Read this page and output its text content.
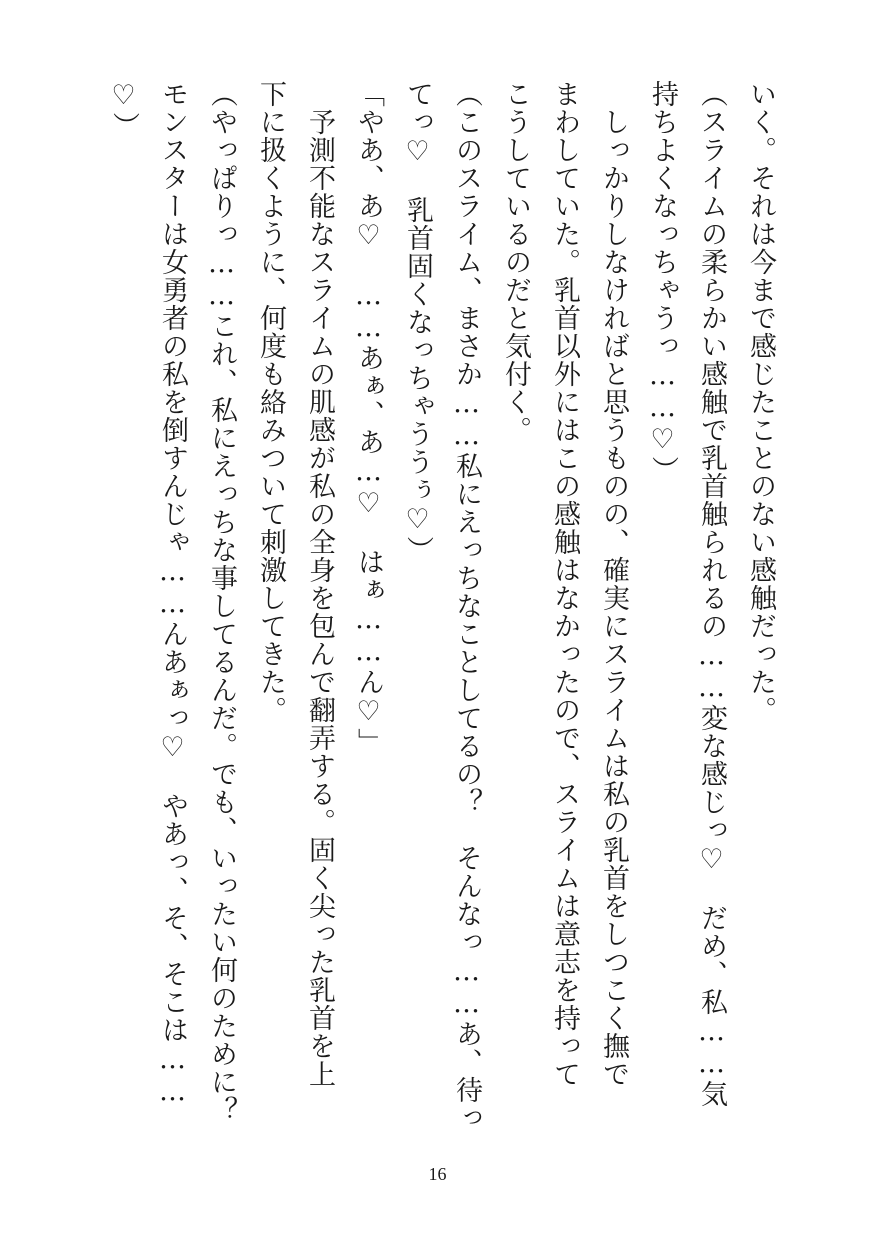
いく。それは今まで感じたことのない感触だった。
（スライムの柔らかい感触で乳首触られるの……変な感じっ♡　だめ、私……気
持ちよくなっちゃうっ……♡）
　しっかりしなければと思うものの、確実にスライムは私の乳首をしつこく撫で
まわしていた。乳首以外にはこの感触はなかったので、スライムは意志を持って
こうしているのだと気付く。
（このスライム、まさか……私にえっちなことしてるの？　そんなっ……あ、待っ
てっ♡　乳首固くなっちゃううぅ♡）
「やあ、あ♡　……あぁ、あ…♡　はぁ……ん♡」
　予測不能なスライムの肌感が私の全身を包んで翻弄する。固く尖った乳首を上
下に扱くように、何度も絡みついて刺激してきた。
（やっぱりっ……これ、私にえっちな事してるんだ。でも、いったい何のために？
モンスターは女勇者の私を倒すんじゃ……んあぁっ♡　やあっ、そ、そこは……
♡）
16
